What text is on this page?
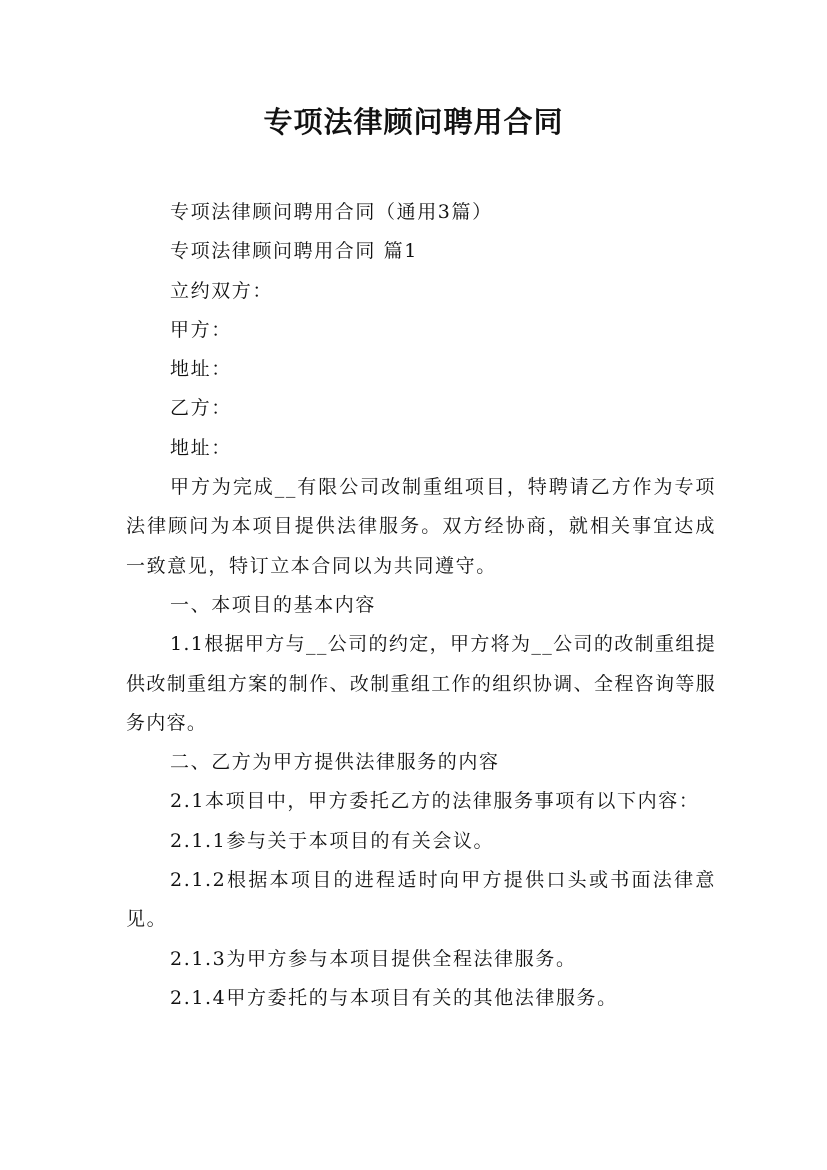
专项法律顾问聘用合同

专项法律顾问聘用合同（通用3篇）

专项法律顾问聘用合同 篇1

立约双方：

甲方：

地址：

乙方：

地址：

甲方为完成__有限公司改制重组项目，特聘请乙方作为专项法律顾问为本项目提供法律服务。双方经协商，就相关事宜达成一致意见，特订立本合同以为共同遵守。

一、本项目的基本内容

1.1根据甲方与__公司的约定，甲方将为__公司的改制重组提供改制重组方案的制作、改制重组工作的组织协调、全程咨询等服务内容。

二、乙方为甲方提供法律服务的内容

2.1本项目中，甲方委托乙方的法律服务事项有以下内容：

2.1.1参与关于本项目的有关会议。

2.1.2根据本项目的进程适时向甲方提供口头或书面法律意见。

2.1.3为甲方参与本项目提供全程法律服务。

2.1.4甲方委托的与本项目有关的其他法律服务。
